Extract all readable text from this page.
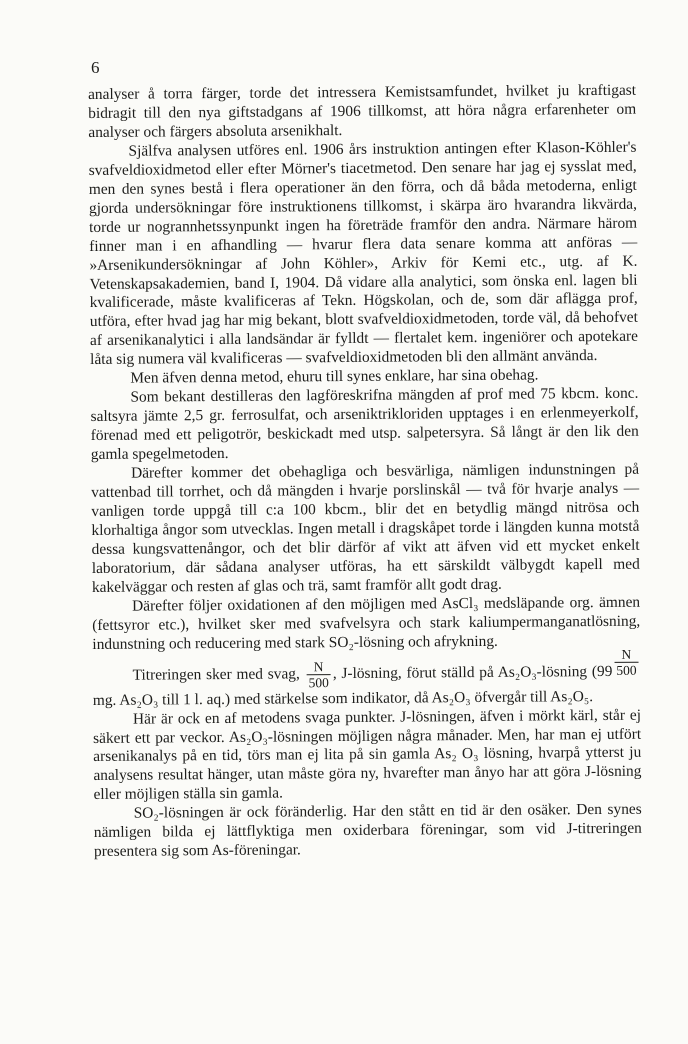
6

analyser å torra färger, torde det intressera Kemistsamfundet, hvilket ju kraftigast bidragit till den nya giftstadgans af 1906 tillkomst, att höra några erfarenheter om analyser och färgers absoluta arsenikhalt.

Själfva analysen utföres enl. 1906 års instruktion antingen efter Klason-Köhler's svafveldioxidmetod eller efter Mörner's tiacetmetod. Den senare har jag ej sysslat med, men den synes bestå i flera operationer än den förra, och då båda metoderna, enligt gjorda undersökningar före instruktionens tillkomst, i skärpa äro hvarandra likvärda, torde ur nogrannhetssynpunkt ingen ha företräde framför den andra. Närmare härom finner man i en afhandling — hvarur flera data senare komma att anföras — »Arsenikundersökningar af John Köhler», Arkiv för Kemi etc., utg. af K. Vetenskapsakademien, band I, 1904. Då vidare alla analytici, som önska enl. lagen bli kvalificerade, måste kvalificeras af Tekn. Högskolan, och de, som där aflägga prof, utföra, efter hvad jag har mig bekant, blott svafveldioxidmetoden, torde väl, då behofvet af arsenikanalytici i alla landsändar är fylldt — flertalet kem. ingeniörer och apotekare låta sig numera väl kvalificeras — svafveldioxidmetoden bli den allmänt använda.

Men äfven denna metod, ehuru till synes enklare, har sina obehag.

Som bekant destilleras den lagföreskrifna mängden af prof med 75 kbcm. konc. saltsyra jämte 2,5 gr. ferrosulfat, och arseniktrikloriden upptages i en erlenmeyerkolf, förenad med ett peligotrör, beskickadt med utsp. salpetersyra. Så långt är den lik den gamla spegelmetoden.

Därefter kommer det obehagliga och besvärliga, nämligen indunstningen på vattenbad till torrhet, och då mängden i hvarje porslinskål — två för hvarje analys — vanligen torde uppgå till c:a 100 kbcm., blir det en betydlig mängd nitrösa och klorhaltiga ångor som utvecklas. Ingen metall i dragskåpet torde i längden kunna motstå dessa kungsvattenångor, och det blir därför af vikt att äfven vid ett mycket enkelt laboratorium, där sådana analyser utföras, ha ett särskildt välbygdt kapell med kakelväggar och resten af glas och trä, samt framför allt godt drag.

Därefter följer oxidationen af den möjligen med AsCl₃ medsläpande org. ämnen (fettsyror etc.), hvilket sker med svafvelsyra och stark kaliumpermanganatlösning, indunstning och reducering med stark SO₂-lösning och afrykning.

$\frac{N}{500}$
Titreringen sker med svag, $\frac{N}{500}$ , J-lösning, förut ställd på As₂O₃-lösning (99 mg. As₂O₃ till 1 l. aq.) med stärkelse som indikator, då As₂O₃ öfvergår till As₂O₅.

Här är ock en af metodens svaga punkter. J-lösningen, äfven i mörkt kärl, står ej säkert ett par veckor. As₂O₃-lösningen möjligen några månader. Men, har man ej utfört arsenikanalys på en tid, törs man ej lita på sin gamla As₂ O₃ lösning, hvarpå ytterst ju analysens resultat hänger, utan måste göra ny, hvarefter man ånyo har att göra J-lösning eller möjligen ställa sin gamla.

SO₂-lösningen är ock föränderlig. Har den stått en tid är den osäker. Den synes nämligen bilda ej lättflyktiga men oxiderbara föreningar, som vid J-titreringen presentera sig som As-föreningar.
